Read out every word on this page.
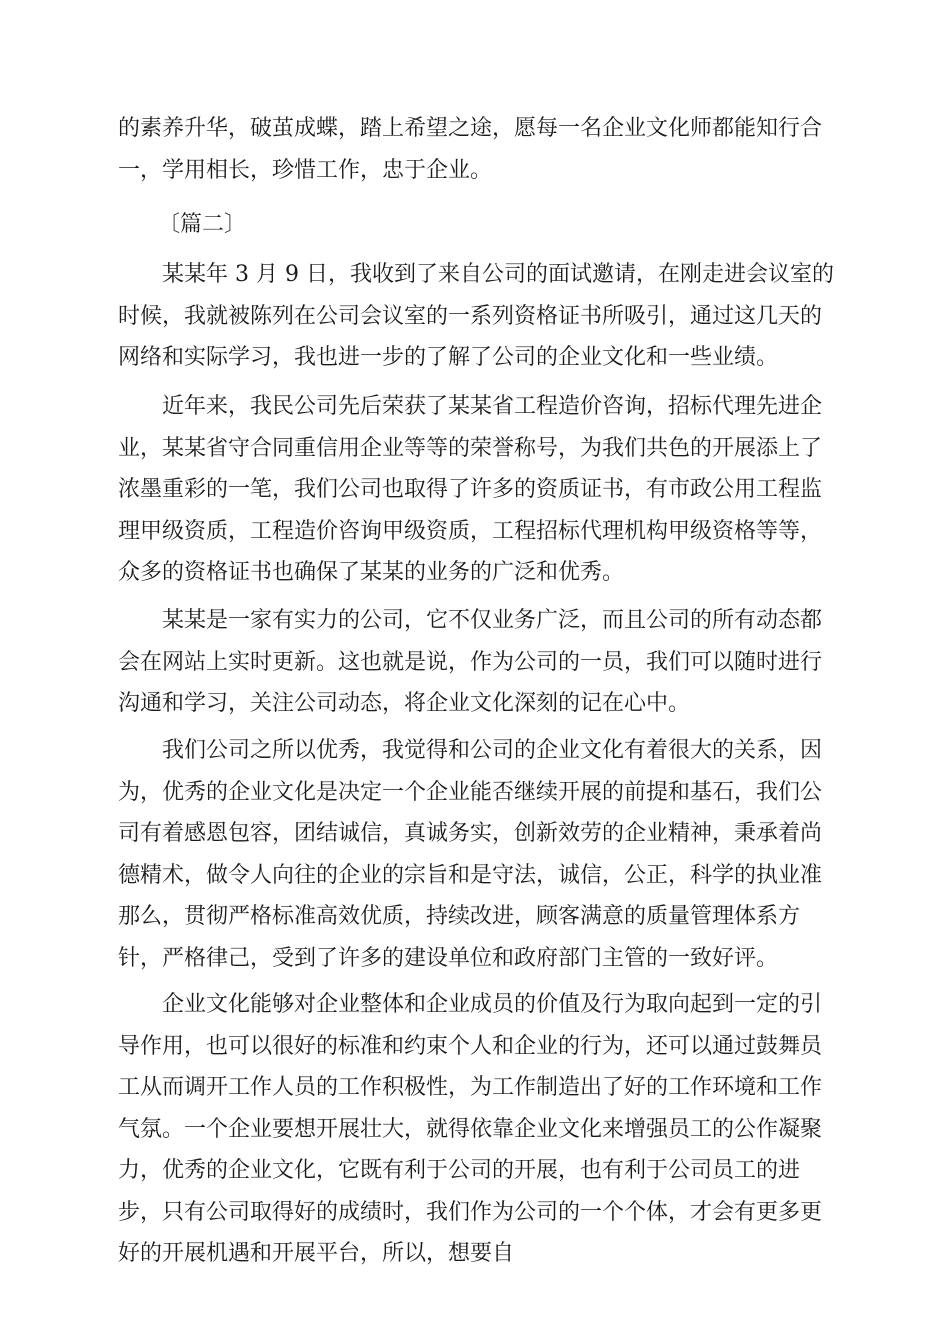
的素养升华，破茧成蝶，踏上希望之途，愿每一名企业文化师都能知行合
一，学用相长，珍惜工作，忠于企业。

〔篇二〕

某某年 3 月 9 日，我收到了来自公司的面试邀请，在刚走进会议室的
时候，我就被陈列在公司会议室的一系列资格证书所吸引，通过这几天的
网络和实际学习，我也进一步的了解了公司的企业文化和一些业绩。

近年来，我民公司先后荣获了某某省工程造价咨询，招标代理先进企
业，某某省守合同重信用企业等等的荣誉称号，为我们共色的开展添上了
浓墨重彩的一笔，我们公司也取得了许多的资质证书，有市政公用工程监
理甲级资质，工程造价咨询甲级资质，工程招标代理机构甲级资格等等，
众多的资格证书也确保了某某的业务的广泛和优秀。

某某是一家有实力的公司，它不仅业务广泛，而且公司的所有动态都
会在网站上实时更新。这也就是说，作为公司的一员，我们可以随时进行
沟通和学习，关注公司动态，将企业文化深刻的记在心中。

我们公司之所以优秀，我觉得和公司的企业文化有着很大的关系，因
为，优秀的企业文化是决定一个企业能否继续开展的前提和基石，我们公
司有着感恩包容，团结诚信，真诚务实，创新效劳的企业精神，秉承着尚
德精术，做令人向往的企业的宗旨和是守法，诚信，公正，科学的执业准
那么，贯彻严格标准高效优质，持续改进，顾客满意的质量管理体系方
针，严格律己，受到了许多的建设单位和政府部门主管的一致好评。

企业文化能够对企业整体和企业成员的价值及行为取向起到一定的引
导作用，也可以很好的标准和约束个人和企业的行为，还可以通过鼓舞员
工从而调开工作人员的工作积极性，为工作制造出了好的工作环境和工作
气氛。一个企业要想开展壮大，就得依靠企业文化来增强员工的公作凝聚
力，优秀的企业文化，它既有利于公司的开展，也有利于公司员工的进
步，只有公司取得好的成绩时，我们作为公司的一个个体，才会有更多更
好的开展机遇和开展平台，所以，想要自
